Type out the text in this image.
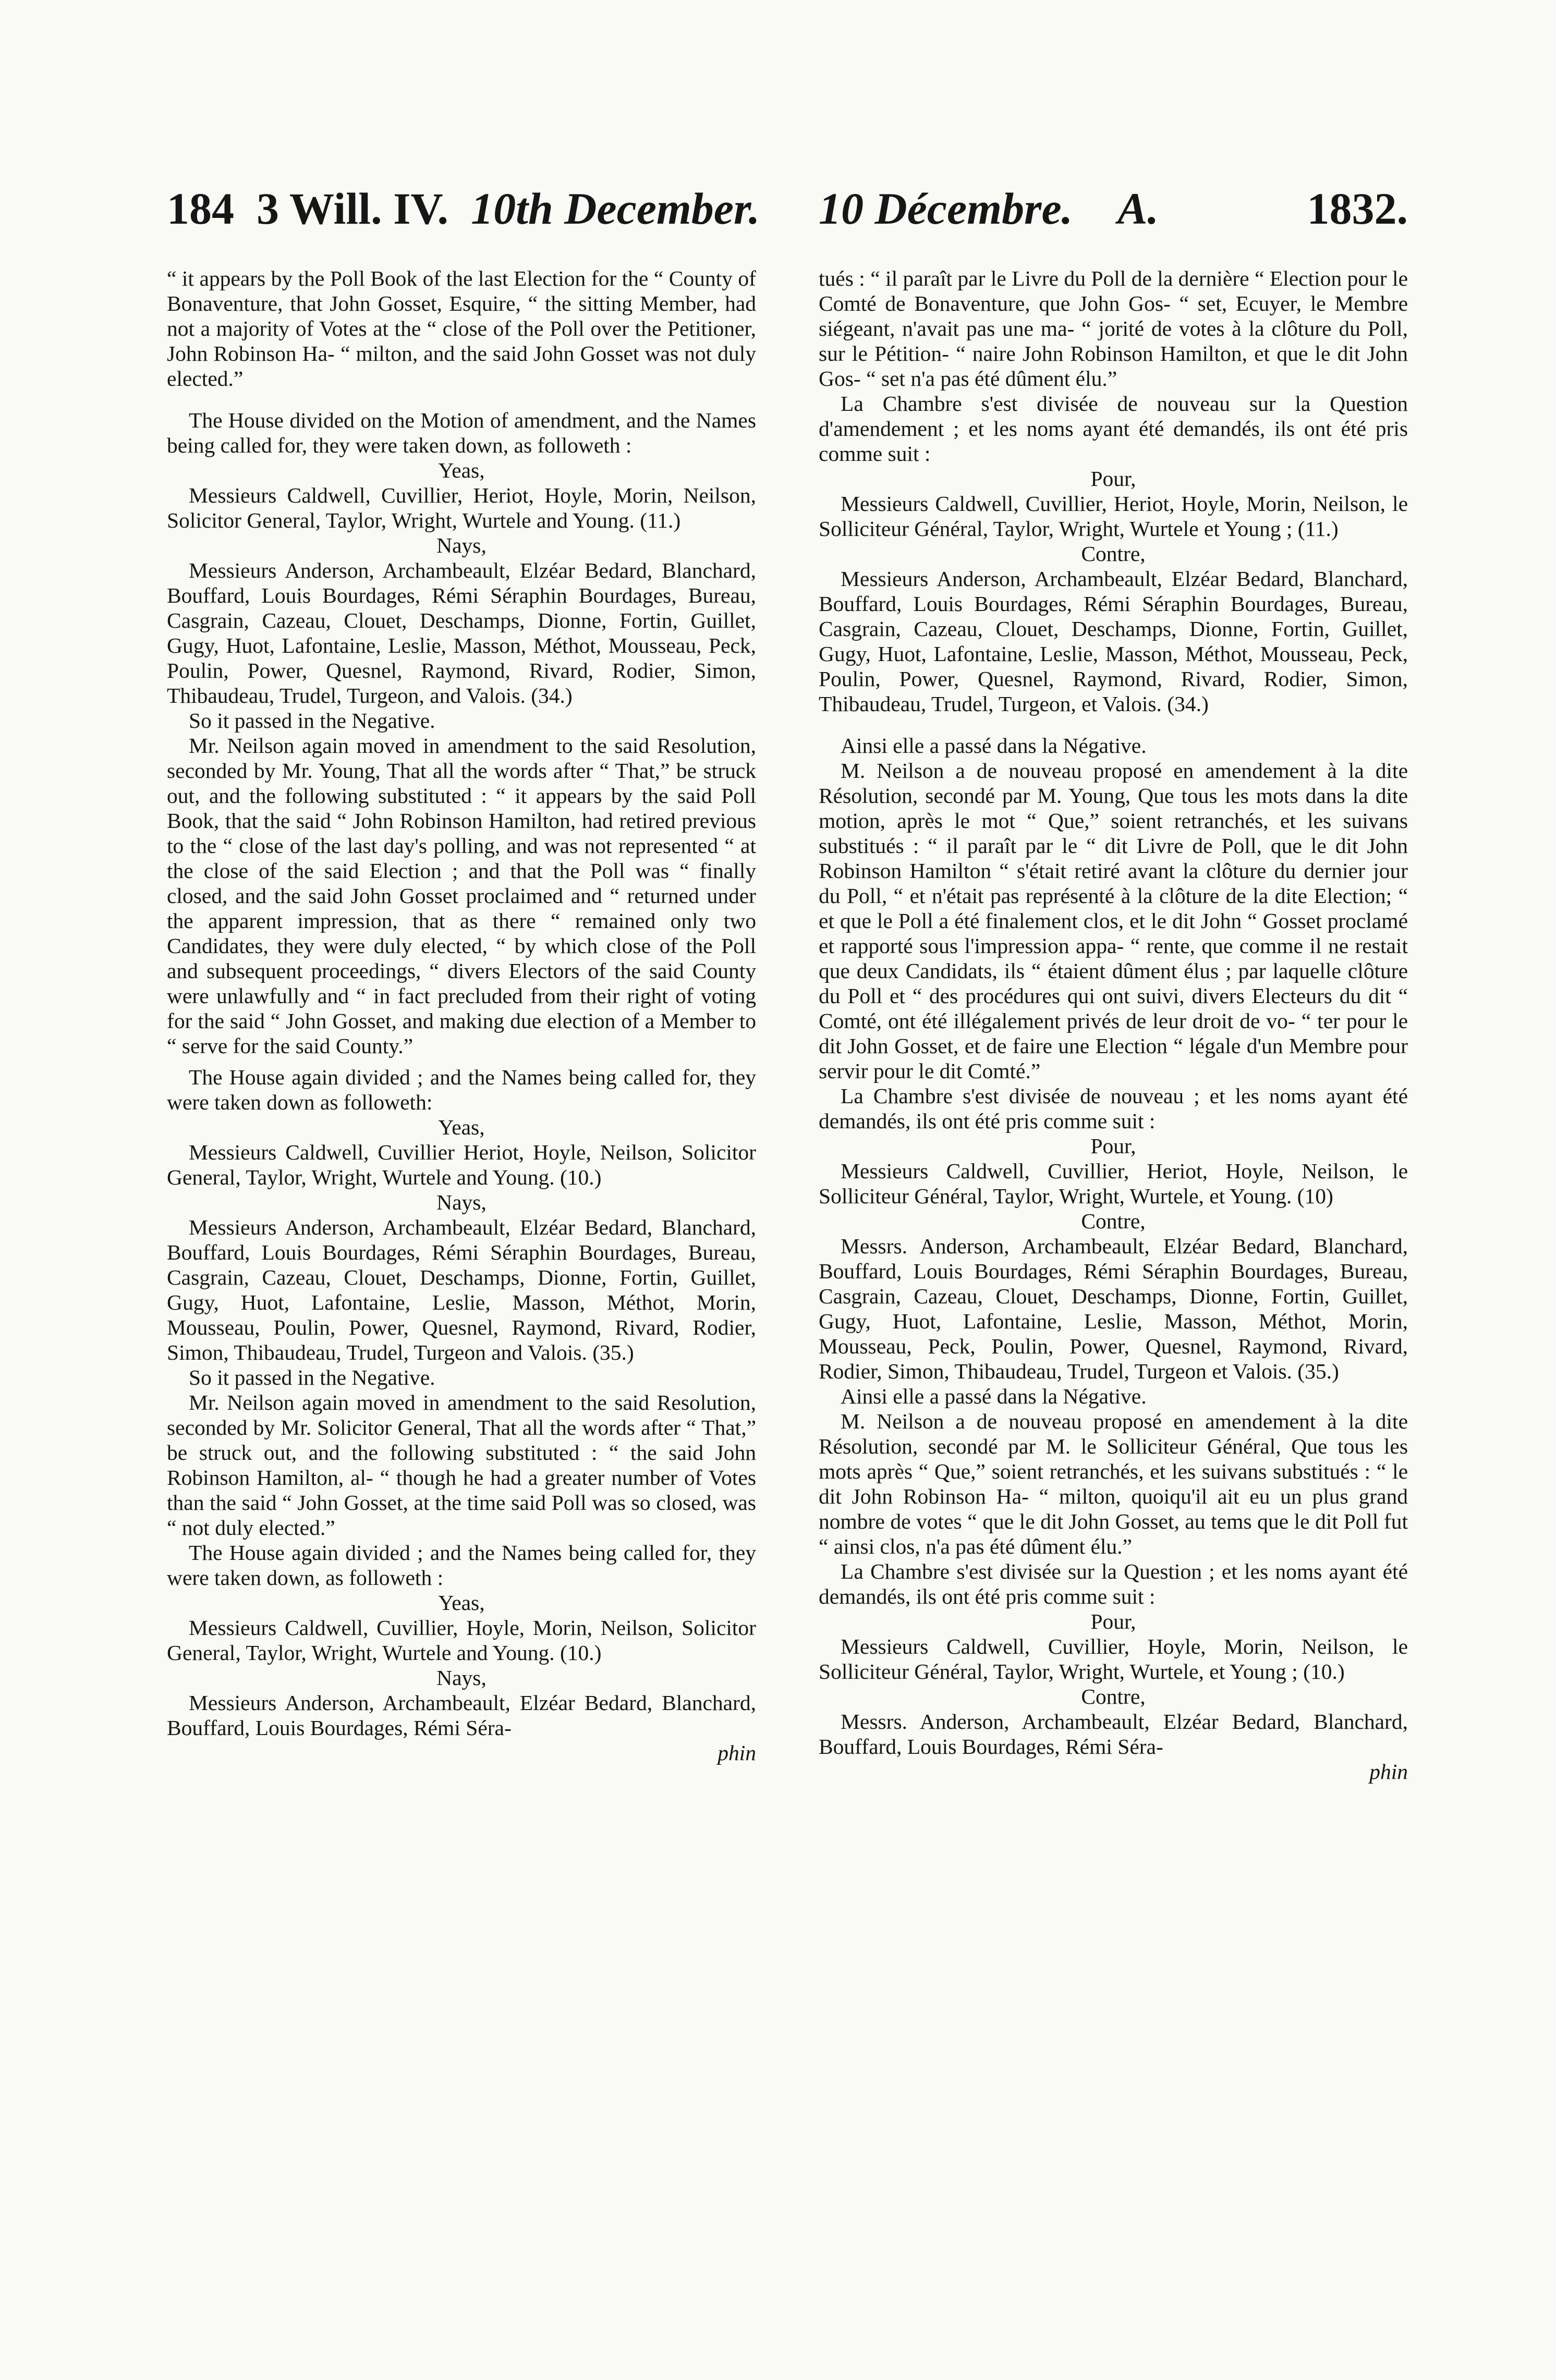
184 3 Will. IV. 10th December. 10 Décembre. A.	1832.

“ it appears by the Poll Book of the last Election for the “ County of Bonaventure, that John Gosset, Esquire, “ the sitting Member, had not a majority of Votes at the “ close of the Poll over the Petitioner, John Robinson Ha- “ milton, and the said John Gosset was not duly elected.”

The House divided on the Motion of amendment, and the Names being called for, they were taken down, as followeth :

Yeas,

Messieurs Caldwell, Cuvillier, Heriot, Hoyle, Morin, Neilson, Solicitor General, Taylor, Wright, Wurtele and Young. (11.)

Nays,

Messieurs Anderson, Archambeault, Elzéar Bedard, Blanchard, Bouffard, Louis Bourdages, Rémi Séraphin Bourdages, Bureau, Casgrain, Cazeau, Clouet, Deschamps, Dionne, Fortin, Guillet, Gugy, Huot, Lafontaine, Leslie, Masson, Méthot, Mousseau, Peck, Poulin, Power, Quesnel, Raymond, Rivard, Rodier, Simon, Thibaudeau, Trudel, Turgeon, and Valois. (34.)

So it passed in the Negative.

Mr. Neilson again moved in amendment to the said Resolution, seconded by Mr. Young, That all the words after “ That,” be struck out, and the following substituted : “ it appears by the said Poll Book, that the said “ John Robinson Hamilton, had retired previous to the “ close of the last day's polling, and was not represented “ at the close of the said Election ; and that the Poll was “ finally closed, and the said John Gosset proclaimed and “ returned under the apparent impression, that as there “ remained only two Candidates, they were duly elected, “ by which close of the Poll and subsequent proceedings, “ divers Electors of the said County were unlawfully and “ in fact precluded from their right of voting for the said “ John Gosset, and making due election of a Member to “ serve for the said County.”

The House again divided ; and the Names being called for, they were taken down as followeth:

Yeas,

Messieurs Caldwell, Cuvillier Heriot, Hoyle, Neilson, Solicitor General, Taylor, Wright, Wurtele and Young. (10.)

Nays,

Messieurs Anderson, Archambeault, Elzéar Bedard, Blanchard, Bouffard, Louis Bourdages, Rémi Séraphin Bourdages, Bureau, Casgrain, Cazeau, Clouet, Deschamps, Dionne, Fortin, Guillet, Gugy, Huot, Lafontaine, Leslie, Masson, Méthot, Morin, Mousseau, Poulin, Power, Quesnel, Raymond, Rivard, Rodier, Simon, Thibaudeau, Trudel, Turgeon and Valois. (35.)

So it passed in the Negative.

Mr. Neilson again moved in amendment to the said Resolution, seconded by Mr. Solicitor General, That all the words after “ That,” be struck out, and the following substituted : “ the said John Robinson Hamilton, al- “ though he had a greater number of Votes than the said “ John Gosset, at the time said Poll was so closed, was “ not duly elected.”

The House again divided ; and the Names being called for, they were taken down, as followeth :

Yeas,

Messieurs Caldwell, Cuvillier, Hoyle, Morin, Neilson, Solicitor General, Taylor, Wright, Wurtele and Young. (10.)

Nays,

Messieurs Anderson, Archambeault, Elzéar Bedard, Blanchard, Bouffard, Louis Bourdages, Rémi Séra-

phin

tués : “ il paraît par le Livre du Poll de la dernière “ Election pour le Comté de Bonaventure, que John Gos- “ set, Ecuyer, le Membre siégeant, n'avait pas une ma- “ jorité de votes à la clôture du Poll, sur le Pétition- “ naire John Robinson Hamilton, et que le dit John Gos- “ set n'a pas été dûment élu.”

La Chambre s'est divisée de nouveau sur la Question d'amendement ; et les noms ayant été demandés, ils ont été pris comme suit :

Pour,

Messieurs Caldwell, Cuvillier, Heriot, Hoyle, Morin, Neilson, le Solliciteur Général, Taylor, Wright, Wurtele et Young ; (11.)

Contre,

Messieurs Anderson, Archambeault, Elzéar Bedard, Blanchard, Bouffard, Louis Bourdages, Rémi Séraphin Bourdages, Bureau, Casgrain, Cazeau, Clouet, Deschamps, Dionne, Fortin, Guillet, Gugy, Huot, Lafontaine, Leslie, Masson, Méthot, Mousseau, Peck, Poulin, Power, Quesnel, Raymond, Rivard, Rodier, Simon, Thibaudeau, Trudel, Turgeon, et Valois. (34.)

Ainsi elle a passé dans la Négative.

M. Neilson a de nouveau proposé en amendement à la dite Résolution, secondé par M. Young, Que tous les mots dans la dite motion, après le mot “ Que,” soient retranchés, et les suivans substitués : “ il paraît par le “ dit Livre de Poll, que le dit John Robinson Hamilton “ s'était retiré avant la clôture du dernier jour du Poll, “ et n'était pas représenté à la clôture de la dite Election; “ et que le Poll a été finalement clos, et le dit John “ Gosset proclamé et rapporté sous l'impression appa- “ rente, que comme il ne restait que deux Candidats, ils “ étaient dûment élus ; par laquelle clôture du Poll et “ des procédures qui ont suivi, divers Electeurs du dit “ Comté, ont été illégalement privés de leur droit de vo- “ ter pour le dit John Gosset, et de faire une Election “ légale d'un Membre pour servir pour le dit Comté.”

La Chambre s'est divisée de nouveau ; et les noms ayant été demandés, ils ont été pris comme suit :

Pour,

Messieurs Caldwell, Cuvillier, Heriot, Hoyle, Neilson, le Solliciteur Général, Taylor, Wright, Wurtele, et Young. (10)

Contre,

Messrs. Anderson, Archambeault, Elzéar Bedard, Blanchard, Bouffard, Louis Bourdages, Rémi Séraphin Bourdages, Bureau, Casgrain, Cazeau, Clouet, Deschamps, Dionne, Fortin, Guillet, Gugy, Huot, Lafontaine, Leslie, Masson, Méthot, Morin, Mousseau, Peck, Poulin, Power, Quesnel, Raymond, Rivard, Rodier, Simon, Thibaudeau, Trudel, Turgeon et Valois. (35.)

Ainsi elle a passé dans la Négative.

M. Neilson a de nouveau proposé en amendement à la dite Résolution, secondé par M. le Solliciteur Général, Que tous les mots après “ Que,” soient retranchés, et les suivans substitués : “ le dit John Robinson Ha- “ milton, quoiqu'il ait eu un plus grand nombre de votes “ que le dit John Gosset, au tems que le dit Poll fut “ ainsi clos, n'a pas été dûment élu.”

La Chambre s'est divisée sur la Question ; et les noms ayant été demandés, ils ont été pris comme suit :

Pour,

Messieurs Caldwell, Cuvillier, Hoyle, Morin, Neilson, le Solliciteur Général, Taylor, Wright, Wurtele, et Young ; (10.)

Contre,

Messrs. Anderson, Archambeault, Elzéar Bedard, Blanchard, Bouffard, Louis Bourdages, Rémi Séra-

phin
